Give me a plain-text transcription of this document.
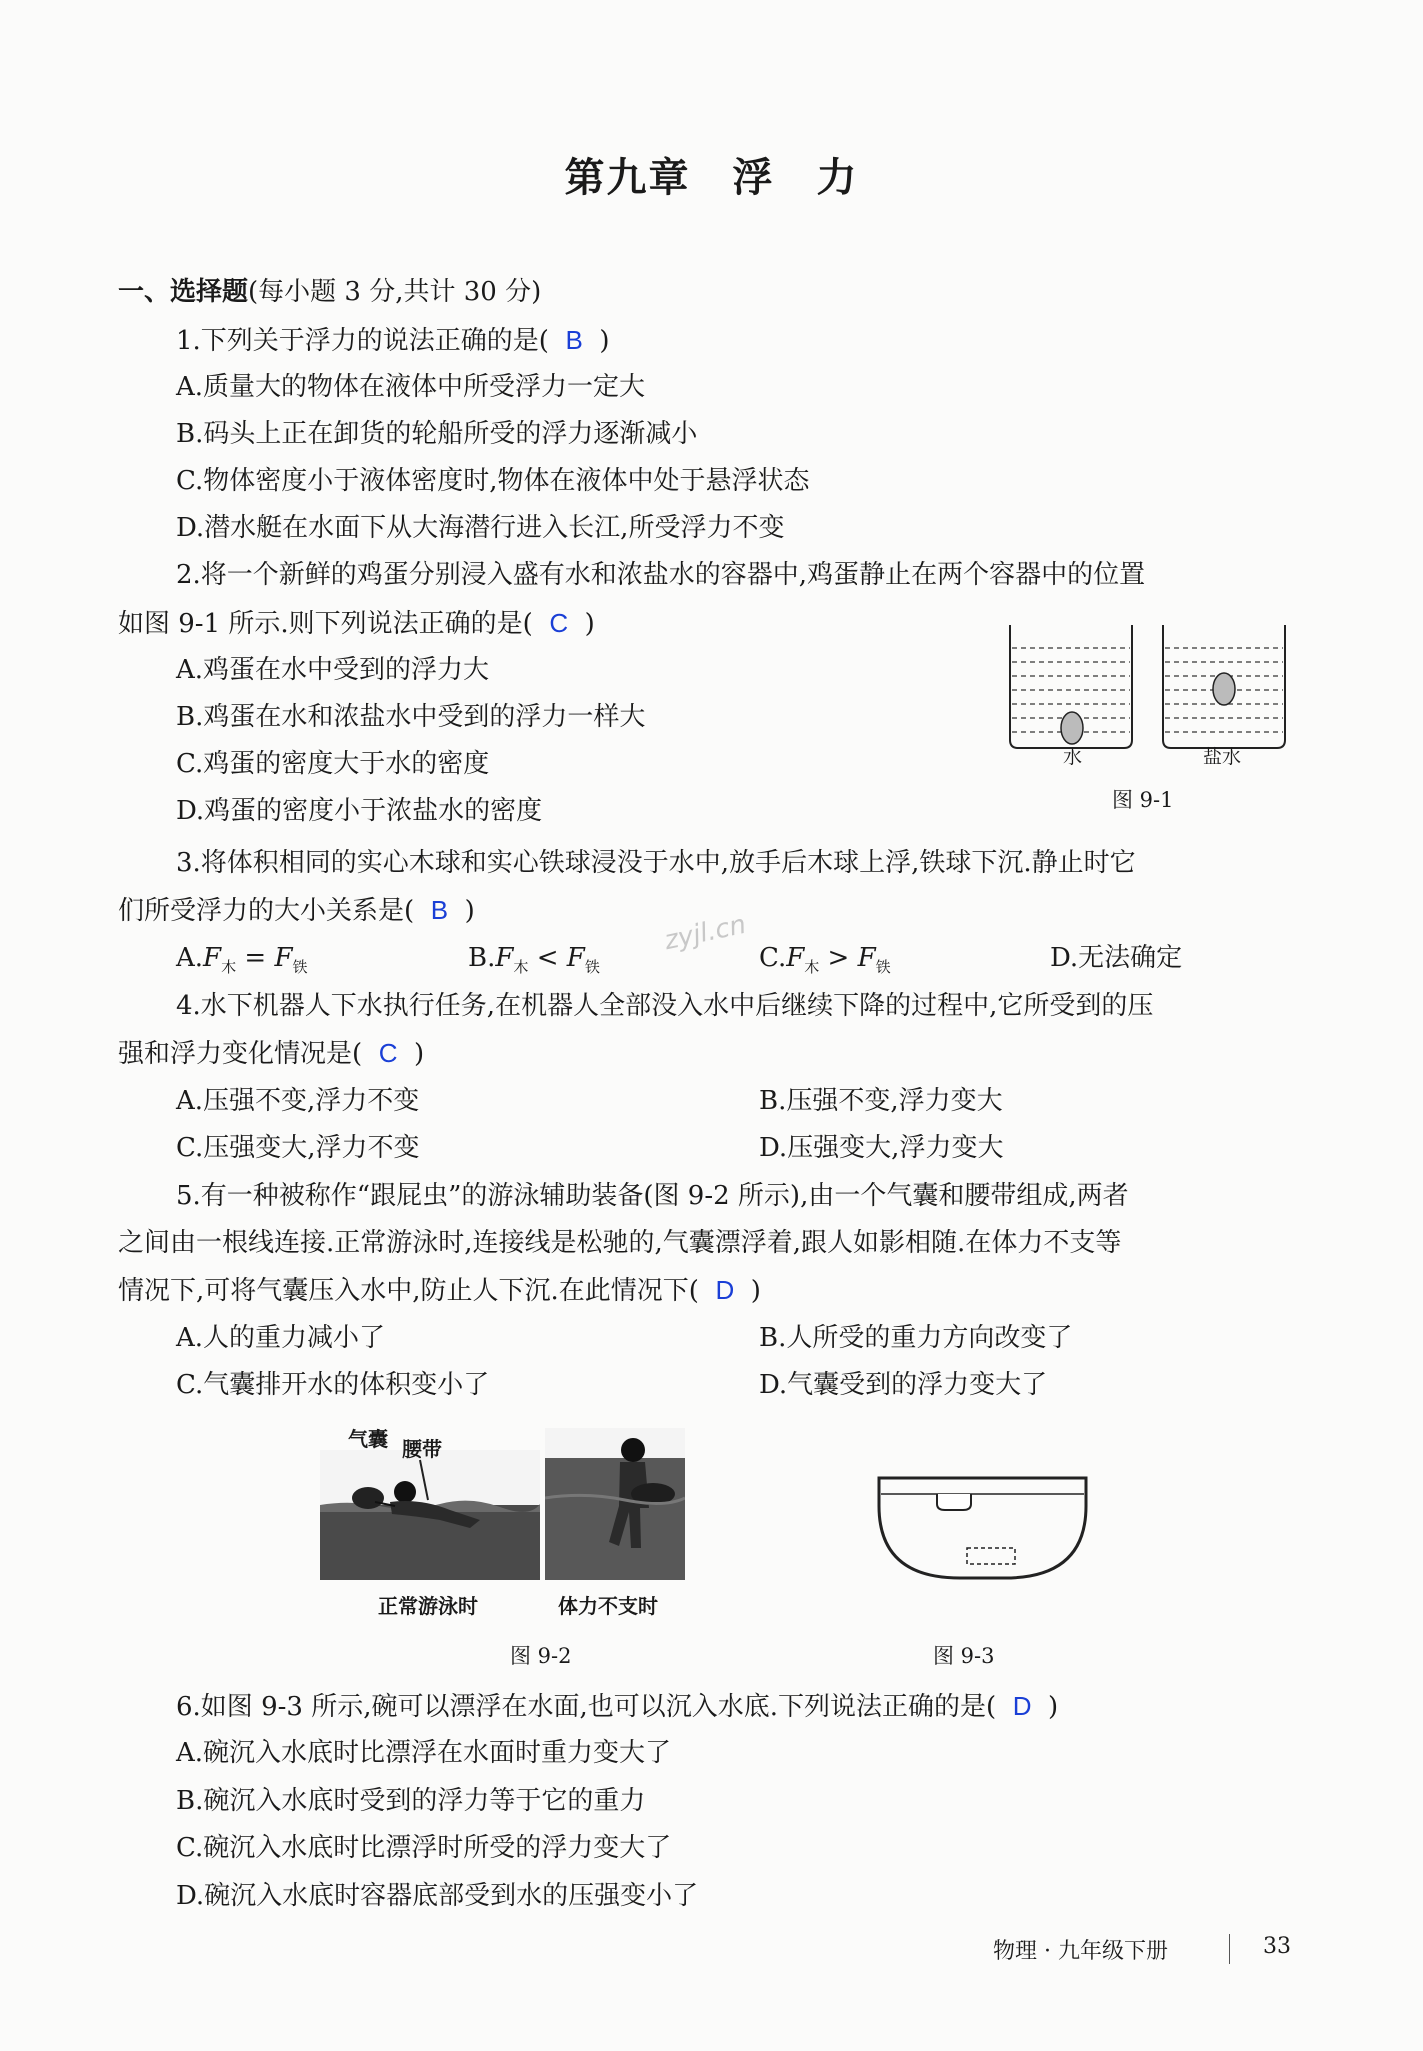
第九章　浮　力
一、选择题(每小题 3 分,共计 30 分)
1.下列关于浮力的说法正确的是( B )
A.质量大的物体在液体中所受浮力一定大
B.码头上正在卸货的轮船所受的浮力逐渐减小
C.物体密度小于液体密度时,物体在液体中处于悬浮状态
D.潜水艇在水面下从大海潜行进入长江,所受浮力不变
2.将一个新鲜的鸡蛋分别浸入盛有水和浓盐水的容器中,鸡蛋静止在两个容器中的位置
如图 9-1 所示.则下列说法正确的是( C )
A.鸡蛋在水中受到的浮力大
B.鸡蛋在水和浓盐水中受到的浮力一样大
C.鸡蛋的密度大于水的密度
D.鸡蛋的密度小于浓盐水的密度
水	盐水
图 9-1
3.将体积相同的实心木球和实心铁球浸没于水中,放手后木球上浮,铁球下沉.静止时它
们所受浮力的大小关系是( B )	zyjl.cn
$A.F_木 = F_铁$	$B.F_木 < F_铁$	$C.F_木 > F_铁$	D.无法确定
4.水下机器人下水执行任务,在机器人全部没入水中后继续下降的过程中,它所受到的压
强和浮力变化情况是( C )
A.压强不变,浮力不变	B.压强不变,浮力变大
C.压强变大,浮力不变	D.压强变大,浮力变大
5.有一种被称作“跟屁虫”的游泳辅助装备(图 9-2 所示),由一个气囊和腰带组成,两者
之间由一根线连接.正常游泳时,连接线是松驰的,气囊漂浮着,跟人如影相随.在体力不支等
情况下,可将气囊压入水中,防止人下沉.在此情况下( D )
A.人的重力减小了	B.人所受的重力方向改变了
C.气囊排开水的体积变小了	D.气囊受到的浮力变大了
气囊 腰带
正常游泳时	体力不支时
图 9-2	图 9-3
6.如图 9-3 所示,碗可以漂浮在水面,也可以沉入水底.下列说法正确的是( D )
A.碗沉入水底时比漂浮在水面时重力变大了
B.碗沉入水底时受到的浮力等于它的重力
C.碗沉入水底时比漂浮时所受的浮力变大了
D.碗沉入水底时容器底部受到水的压强变小了
物理 · 九年级下册	33
